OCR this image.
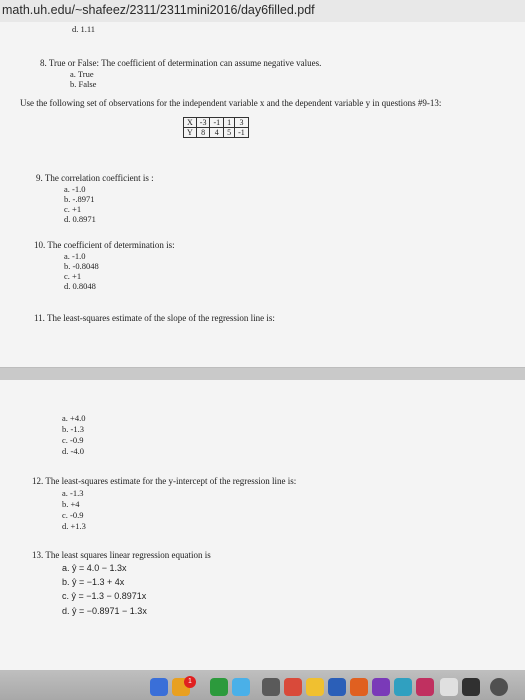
math.uh.edu/~shafeez/2311/2311mini2016/day6filled.pdf
d. 1.11
8. True or False: The coefficient of determination can assume negative values.
a. True
b. False
Use the following set of observations for the independent variable x and the dependent variable y in questions #9-13:
X	-3	-1	1	3
Y	8	4	5	-1
9. The correlation coefficient is :
a. -1.0
b. -.8971
c. +1
d. 0.8971
10. The coefficient of determination is:
a. -1.0
b. -0.8048
c. +1
d. 0.8048
11. The least-squares estimate of the slope of the regression line is:
a. +4.0
b. -1.3
c. -0.9
d. -4.0
12. The least-squares estimate for the y-intercept of the regression line is:
a. -1.3
b. +4
c. -0.9
d. +1.3
13. The least squares linear regression equation is
a. ŷ = 4.0 − 1.3x
b. ŷ = −1.3 + 4x
c. ŷ = −1.3 − 0.8971x
d. ŷ = −0.8971 − 1.3x
1
